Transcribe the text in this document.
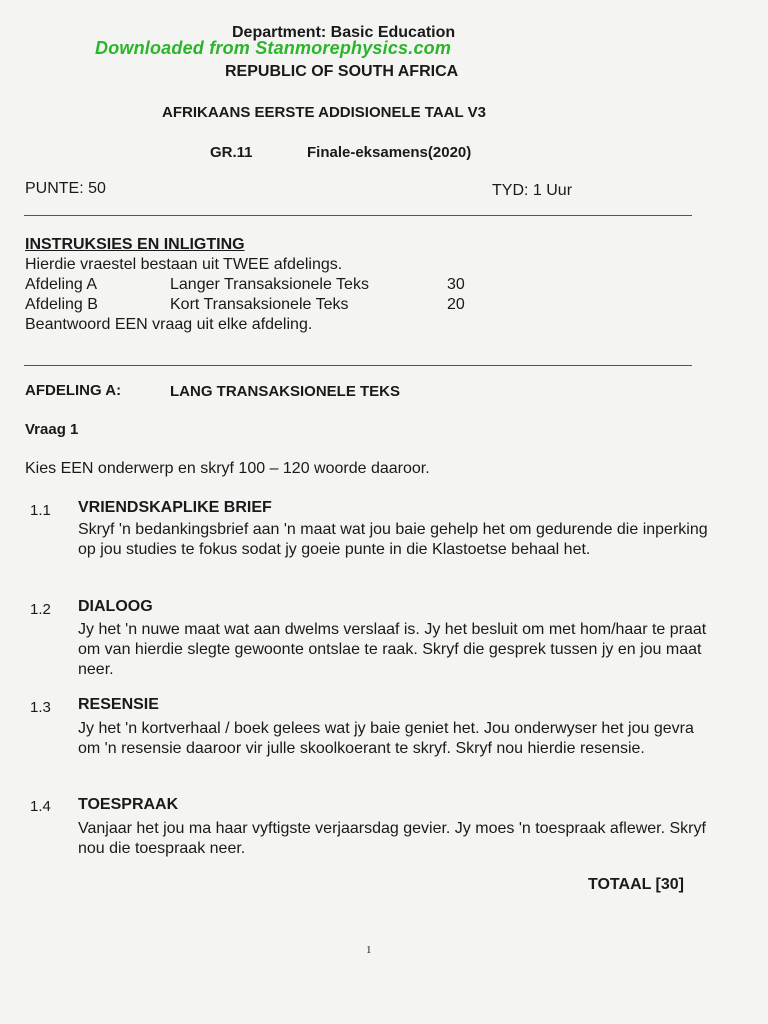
Department: Basic Education
Downloaded from Stanmorephysics.com
REPUBLIC OF SOUTH AFRICA
AFRIKAANS EERSTE ADDISIONELE TAAL V3
GR.11	Finale-eksamens(2020)
PUNTE: 50	TYD: 1 Uur
INSTRUKSIES EN INLIGTING
Hierdie vraestel bestaan uit TWEE afdelings.
Afdeling A	Langer Transaksionele Teks	30
Afdeling B	Kort Transaksionele Teks	20
Beantwoord EEN vraag uit elke afdeling.
AFDELING A:	LANG TRANSAKSIONELE TEKS
Vraag 1
Kies EEN onderwerp en skryf 100 – 120 woorde daaroor.
1.1 VRIENDSKAPLIKE BRIEF
Skryf 'n bedankingsbrief aan 'n maat wat jou baie gehelp het om gedurende die inperking op jou studies te fokus sodat jy goeie punte in die Klastoetse behaal het.
1.2 DIALOOG
Jy het 'n nuwe maat wat aan dwelms verslaaf is. Jy het besluit om met hom/haar te praat om van hierdie slegte gewoonte ontslae te raak. Skryf die gesprek tussen jy en jou maat neer.
1.3 RESENSIE
Jy het 'n kortverhaal / boek gelees wat jy baie geniet het. Jou onderwyser het jou gevra om 'n resensie daaroor vir julle skoolkoerant te skryf. Skryf nou hierdie resensie.
1.4 TOESPRAAK
Vanjaar het jou ma haar vyftigste verjaarsdag gevier. Jy moes 'n toespraak aflewer. Skryf nou die toespraak neer.
TOTAAL [30]
1
